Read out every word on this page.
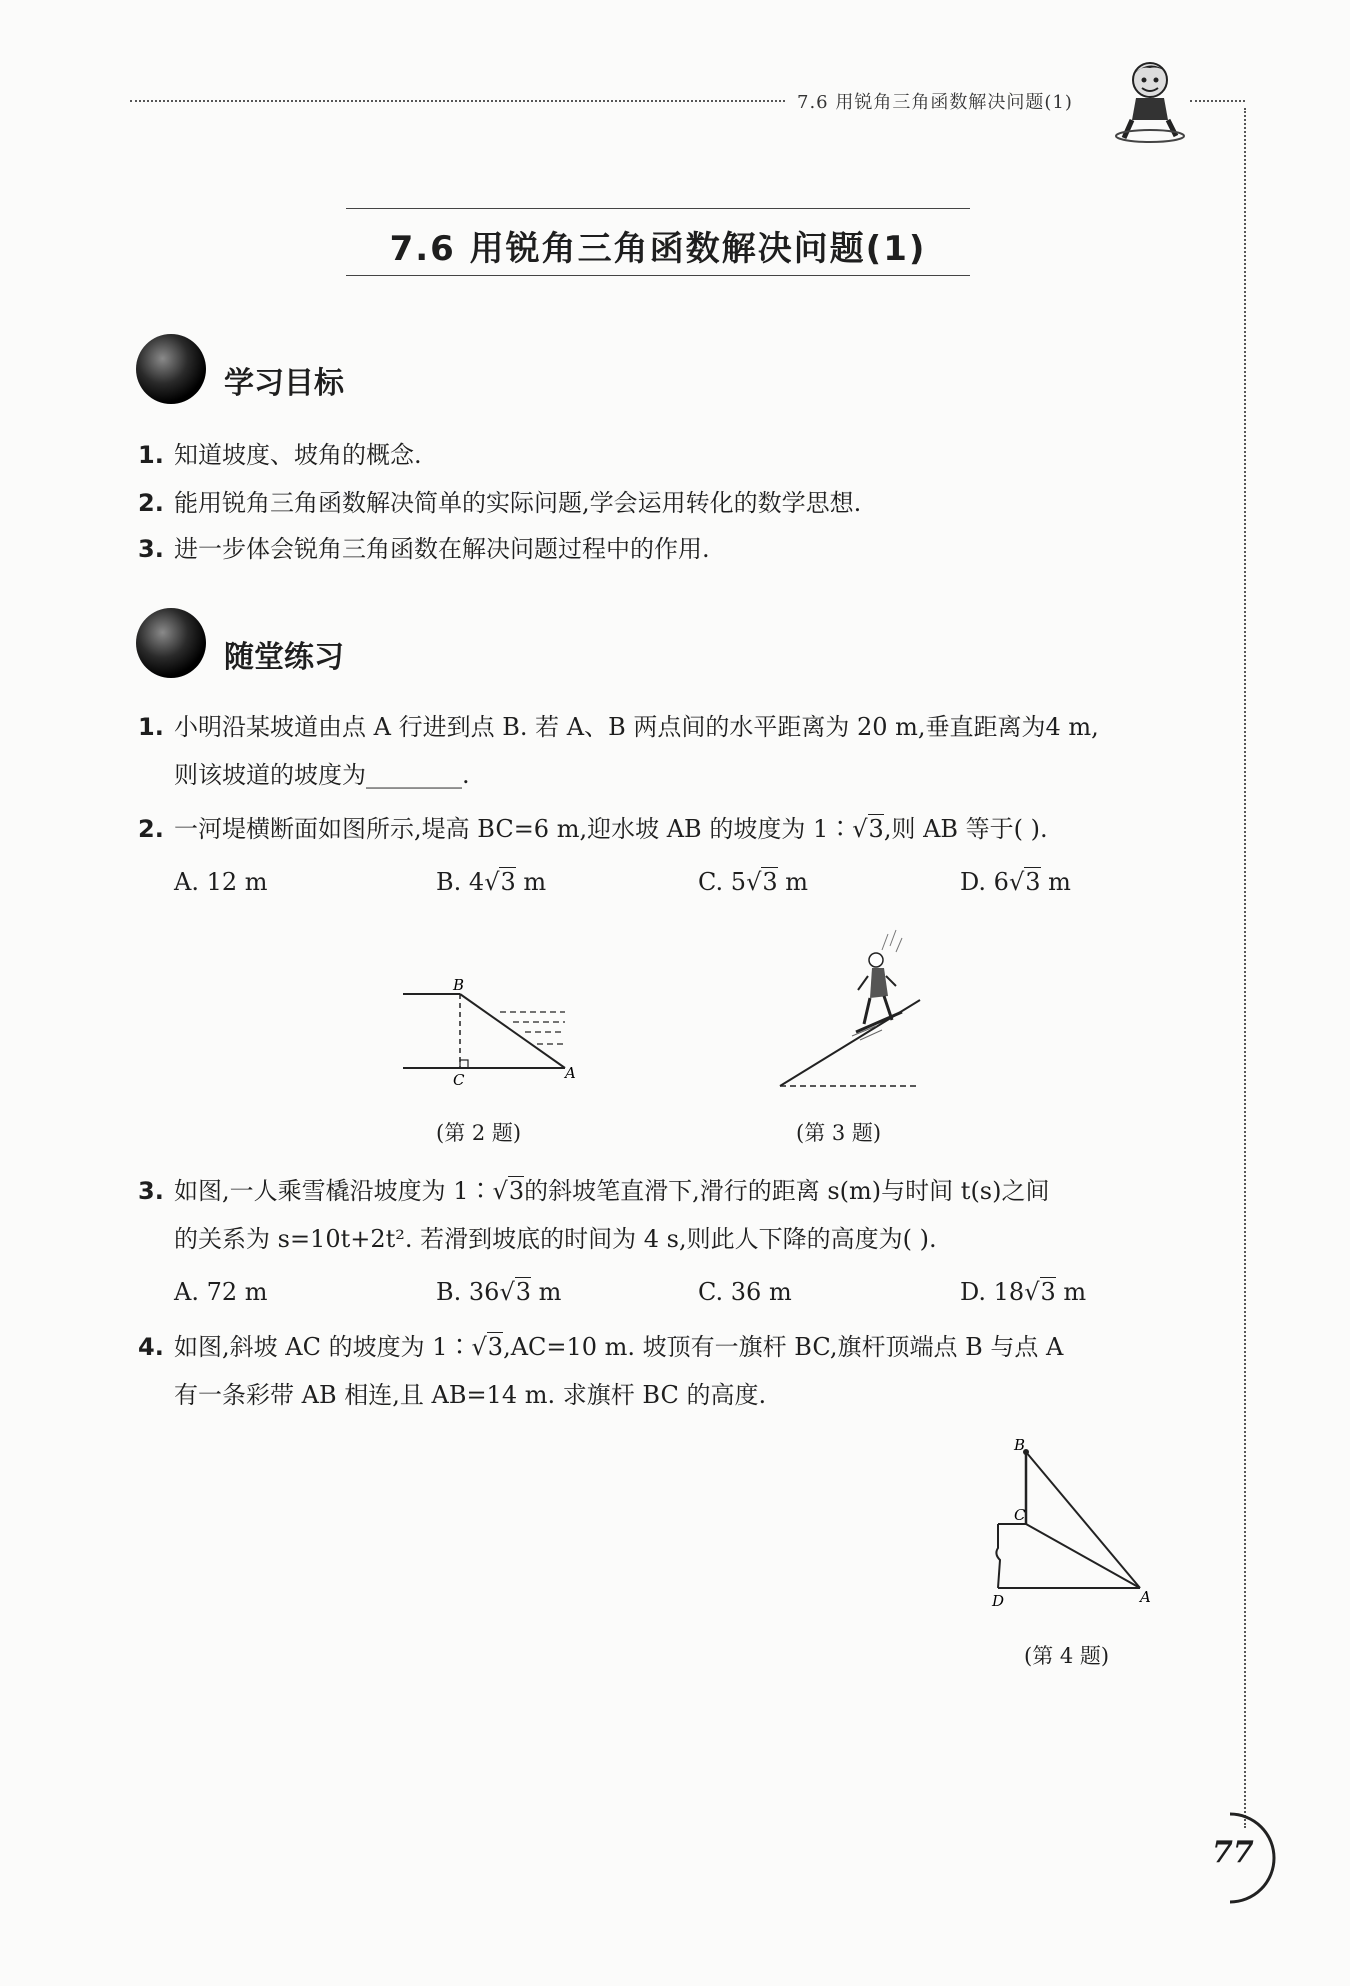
7.6 用锐角三角函数解决问题(1)
7.6 用锐角三角函数解决问题(1)
学习目标
1. 知道坡度、坡角的概念.
2. 能用锐角三角函数解决简单的实际问题,学会运用转化的数学思想.
3. 进一步体会锐角三角函数在解决问题过程中的作用.
随堂练习
1. 小明沿某坡道由点 A 行进到点 B. 若 A、B 两点间的水平距离为 20 m,垂直距离为4 m,
则该坡道的坡度为________.
2. 一河堤横断面如图所示,堤高 BC=6 m,迎水坡 AB 的坡度为 1∶√3,则 AB 等于( ).
A. 12 m	B. 4√3 m	C. 5√3 m	D. 6√3 m
B
C	A
(第 2 题)	(第 3 题)
3. 如图,一人乘雪橇沿坡度为 1∶√3的斜坡笔直滑下,滑行的距离 s(m)与时间 t(s)之间
的关系为 s=10t+2t². 若滑到坡底的时间为 4 s,则此人下降的高度为( ).
A. 72 m	B. 36√3 m	C. 36 m	D. 18√3 m
4. 如图,斜坡 AC 的坡度为 1∶√3,AC=10 m. 坡顶有一旗杆 BC,旗杆顶端点 B 与点 A
有一条彩带 AB 相连,且 AB=14 m. 求旗杆 BC 的高度.
B
C
D	A
(第 4 题)
77
